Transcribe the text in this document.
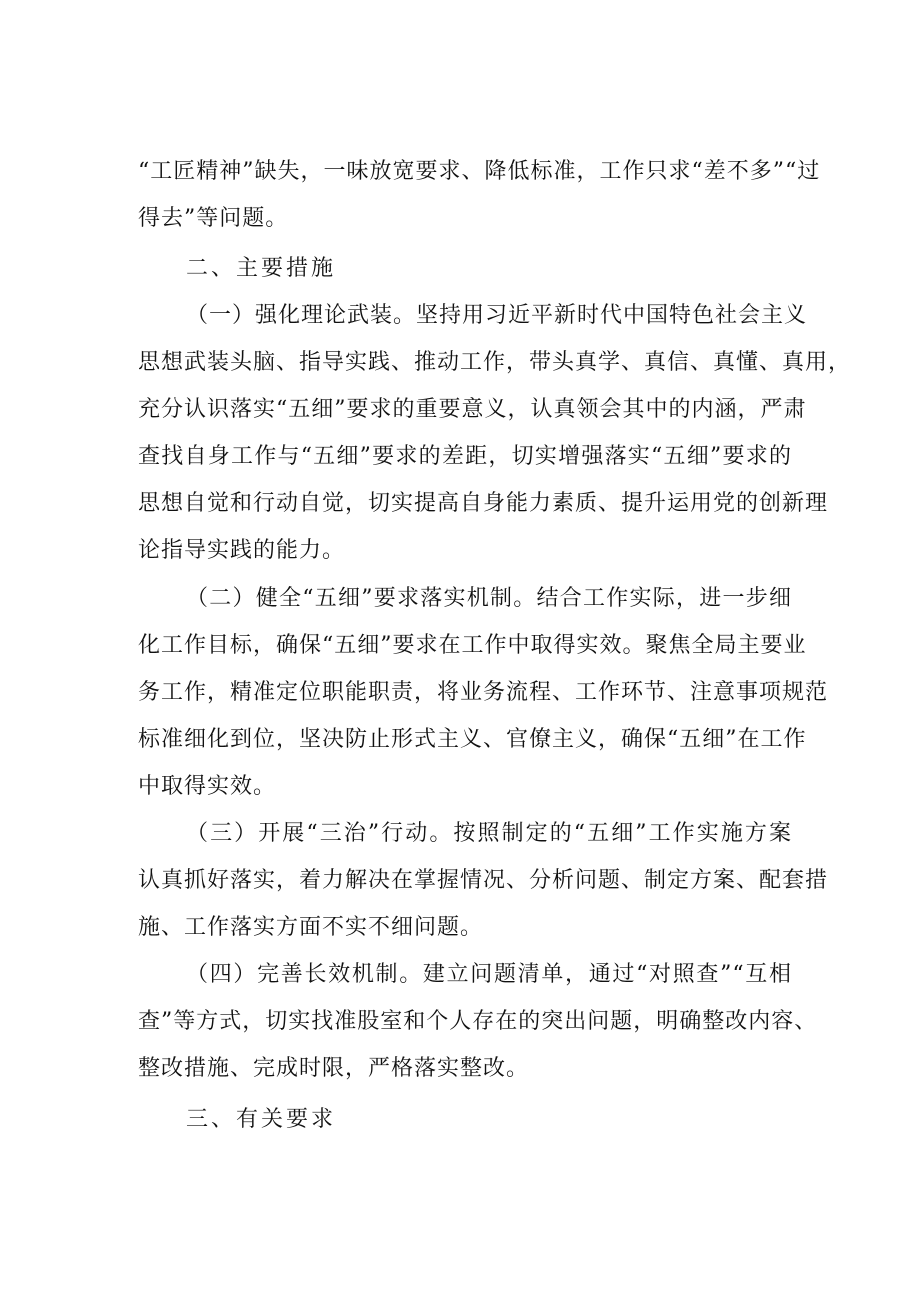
“工匠精神”缺失，一味放宽要求、降低标准，工作只求“差不多”“过
得去”等问题。
二、主要措施
（一）强化理论武装。坚持用习近平新时代中国特色社会主义
思想武装头脑、指导实践、推动工作，带头真学、真信、真懂、真用，
充分认识落实“五细”要求的重要意义，认真领会其中的内涵，严肃
查找自身工作与“五细”要求的差距，切实增强落实“五细”要求的
思想自觉和行动自觉，切实提高自身能力素质、提升运用党的创新理
论指导实践的能力。
（二）健全“五细”要求落实机制。结合工作实际，进一步细
化工作目标，确保“五细”要求在工作中取得实效。聚焦全局主要业
务工作，精准定位职能职责，将业务流程、工作环节、注意事项规范
标准细化到位，坚决防止形式主义、官僚主义，确保“五细”在工作
中取得实效。
（三）开展“三治”行动。按照制定的“五细”工作实施方案
认真抓好落实，着力解决在掌握情况、分析问题、制定方案、配套措
施、工作落实方面不实不细问题。
（四）完善长效机制。建立问题清单，通过“对照查”“互相
查”等方式，切实找准股室和个人存在的突出问题，明确整改内容、
整改措施、完成时限，严格落实整改。
三、有关要求
